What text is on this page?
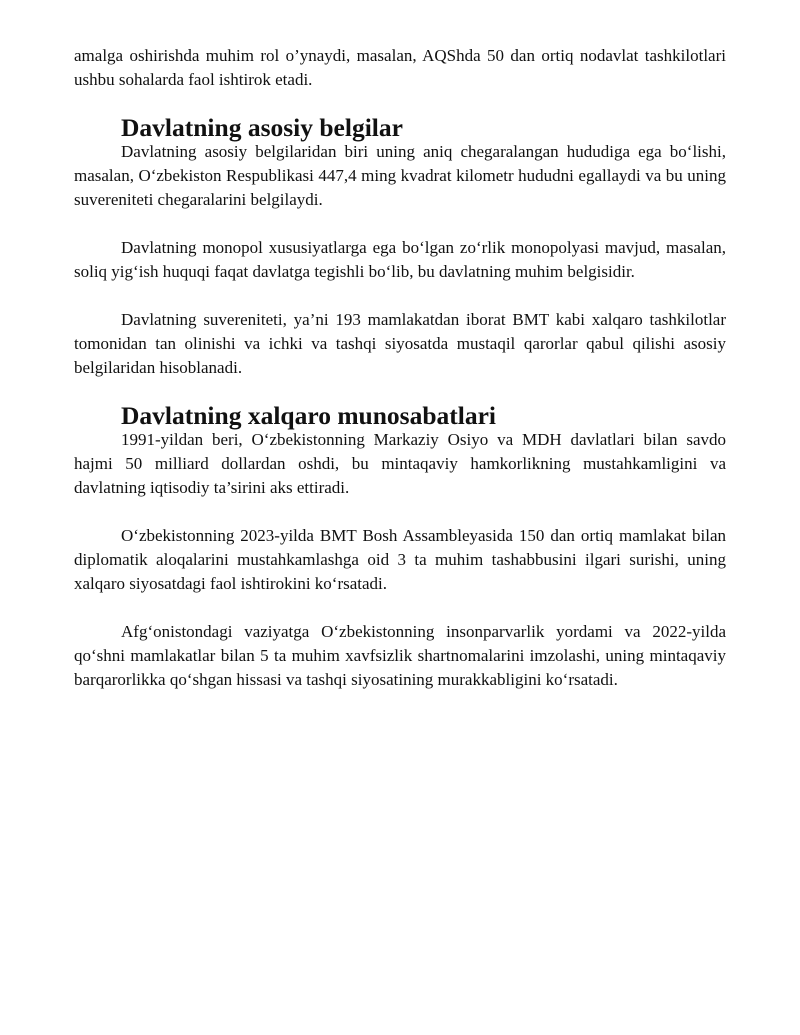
amalga oshirishda muhim rol o’ynaydi, masalan, AQShda 50 dan ortiq nodavlat tashkilotlari ushbu sohalarda faol ishtirok etadi.

Davlatning asosiy belgilar

Davlatning asosiy belgilaridan biri uning aniq chegaralangan hududiga ega bo‘lishi, masalan, O‘zbekiston Respublikasi 447,4 ming kvadrat kilometr hududni egallaydi va bu uning suvereniteti chegaralarini belgilaydi.

Davlatning monopol xususiyatlarga ega bo‘lgan zo‘rlik monopolyasi mavjud, masalan, soliq yig‘ish huquqi faqat davlatga tegishli bo‘lib, bu davlatning muhim belgisidir.

Davlatning suvereniteti, ya’ni 193 mamlakatdan iborat BMT kabi xalqaro tashkilotlar tomonidan tan olinishi va ichki va tashqi siyosatda mustaqil qarorlar qabul qilishi asosiy belgilaridan hisoblanadi.

Davlatning xalqaro munosabatlari

1991-yildan beri, O‘zbekistonning Markaziy Osiyo va MDH davlatlari bilan savdo hajmi 50 milliard dollardan oshdi, bu mintaqaviy hamkorlikning mustahkamligini va davlatning iqtisodiy ta’sirini aks ettiradi.

O‘zbekistonning 2023-yilda BMT Bosh Assambleyasida 150 dan ortiq mamlakat bilan diplomatik aloqalarini mustahkamlashga oid 3 ta muhim tashabbusini ilgari surishi, uning xalqaro siyosatdagi faol ishtirokini ko‘rsatadi.

Afg‘onistondagi vaziyatga O‘zbekistonning insonparvarlik yordami va 2022-yilda qo‘shni mamlakatlar bilan 5 ta muhim xavfsizlik shartnomalarini imzolashi, uning mintaqaviy barqarorlikka qo‘shgan hissasi va tashqi siyosatining murakkabligini ko‘rsatadi.
